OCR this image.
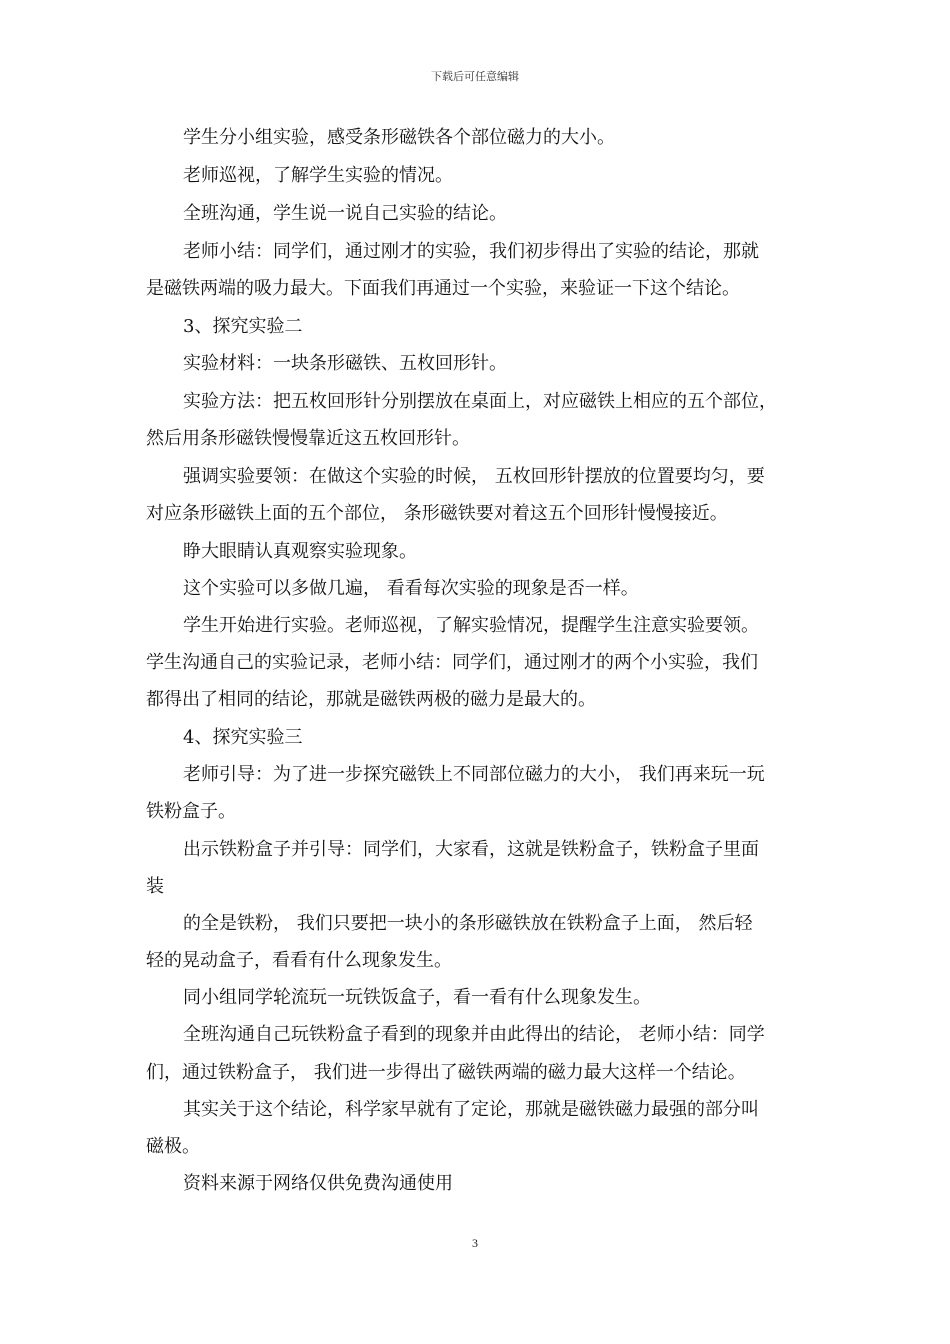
下载后可任意编辑
学生分小组实验，感受条形磁铁各个部位磁力的大小。
老师巡视，了解学生实验的情况。
全班沟通，学生说一说自己实验的结论。
老师小结：同学们，通过刚才的实验，我们初步得出了实验的结论，那就
是磁铁两端的吸力最大。下面我们再通过一个实验，来验证一下这个结论。
3、探究实验二
实验材料：一块条形磁铁、五枚回形针。
实验方法：把五枚回形针分别摆放在桌面上，对应磁铁上相应的五个部位，
然后用条形磁铁慢慢靠近这五枚回形针。
强调实验要领：在做这个实验的时候， 五枚回形针摆放的位置要均匀，要
对应条形磁铁上面的五个部位， 条形磁铁要对着这五个回形针慢慢接近。
睁大眼睛认真观察实验现象。
这个实验可以多做几遍， 看看每次实验的现象是否一样。
学生开始进行实验。老师巡视，了解实验情况，提醒学生注意实验要领。
学生沟通自己的实验记录，老师小结：同学们，通过刚才的两个小实验，我们
都得出了相同的结论，那就是磁铁两极的磁力是最大的。
4、探究实验三
老师引导：为了进一步探究磁铁上不同部位磁力的大小， 我们再来玩一玩
铁粉盒子。
出示铁粉盒子并引导：同学们，大家看，这就是铁粉盒子，铁粉盒子里面
装
的全是铁粉， 我们只要把一块小的条形磁铁放在铁粉盒子上面， 然后轻
轻的晃动盒子，看看有什么现象发生。
同小组同学轮流玩一玩铁饭盒子，看一看有什么现象发生。
全班沟通自己玩铁粉盒子看到的现象并由此得出的结论， 老师小结：同学
们，通过铁粉盒子， 我们进一步得出了磁铁两端的磁力最大这样一个结论。
其实关于这个结论，科学家早就有了定论，那就是磁铁磁力最强的部分叫
磁极。
资料来源于网络仅供免费沟通使用
3
